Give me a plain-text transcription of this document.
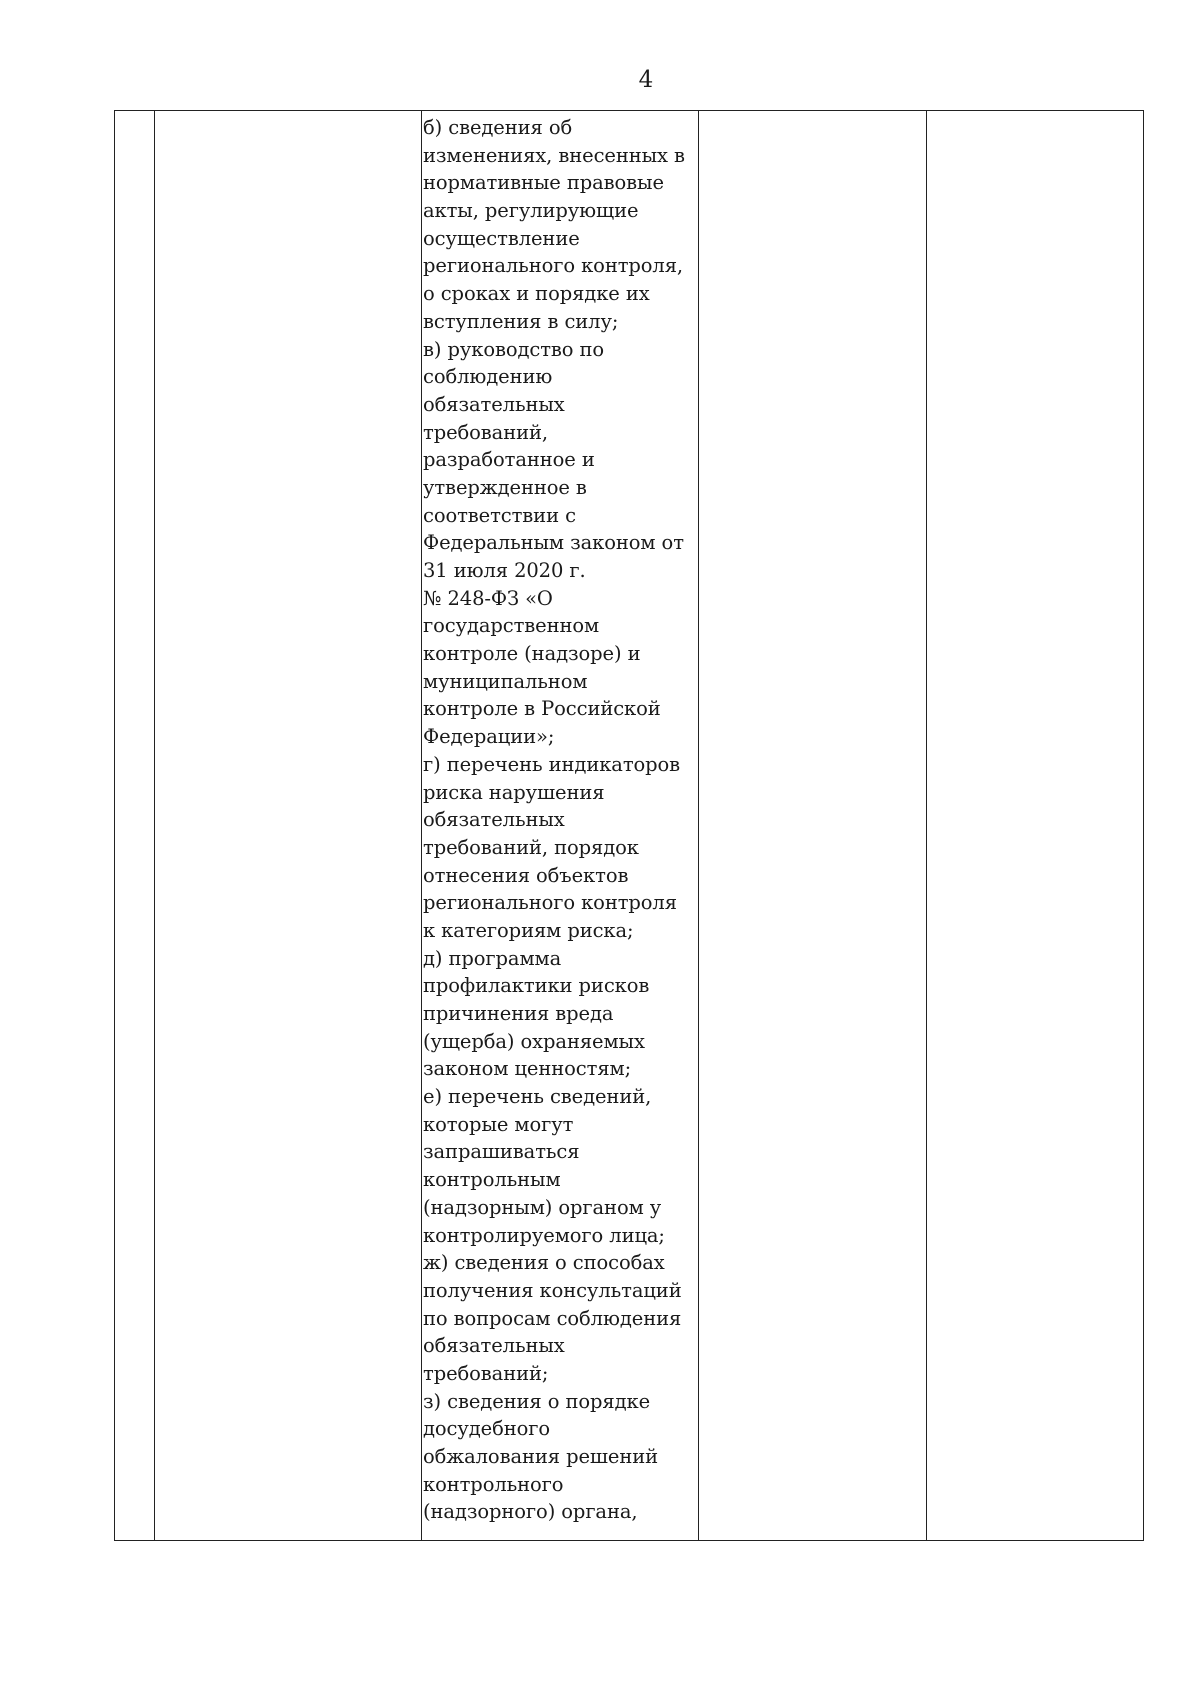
4
б) сведения об
изменениях, внесенных в
нормативные правовые
акты, регулирующие
осуществление
регионального контроля,
о сроках и порядке их
вступления в силу;
в) руководство по
соблюдению
обязательных
требований,
разработанное и
утвержденное в
соответствии с
Федеральным законом от
31 июля 2020 г.
№ 248-ФЗ «О
государственном
контроле (надзоре) и
муниципальном
контроле в Российской
Федерации»;
г) перечень индикаторов
риска нарушения
обязательных
требований, порядок
отнесения объектов
регионального контроля
к категориям риска;
д) программа
профилактики рисков
причинения вреда
(ущерба) охраняемых
законом ценностям;
е) перечень сведений,
которые могут
запрашиваться
контрольным
(надзорным) органом у
контролируемого лица;
ж) сведения о способах
получения консультаций
по вопросам соблюдения
обязательных
требований;
з) сведения о порядке
досудебного
обжалования решений
контрольного
(надзорного) органа,
